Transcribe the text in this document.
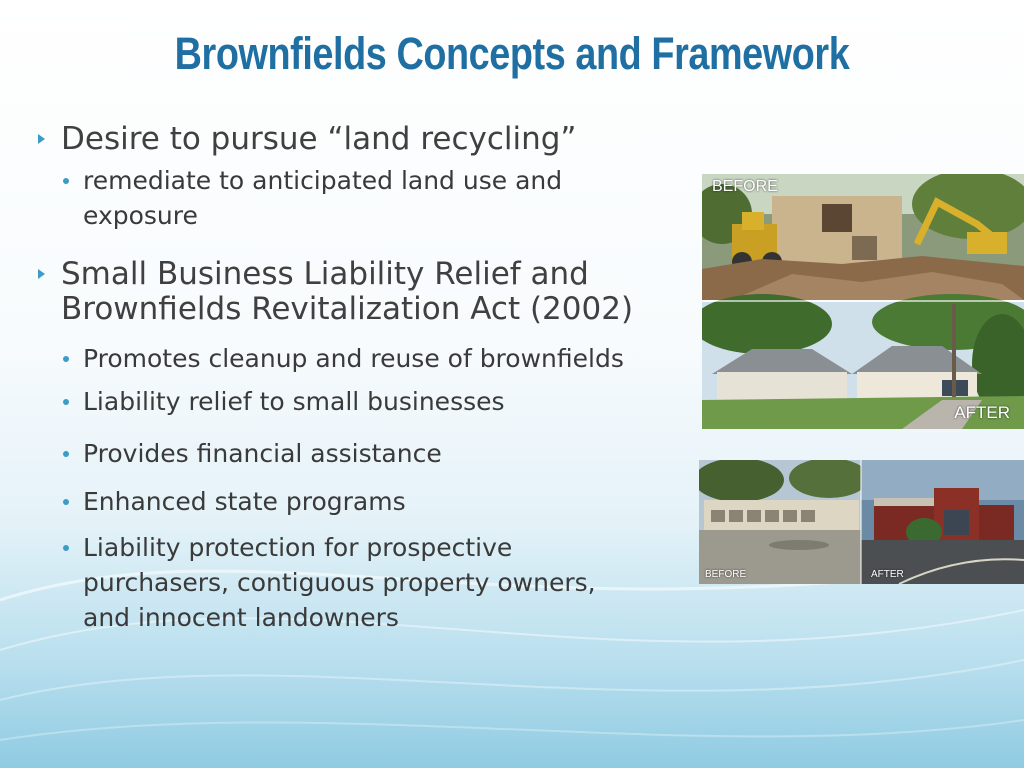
Brownfields Concepts and Framework
Desire to pursue “land recycling”
remediate to anticipated land use and exposure
Small Business Liability Relief and Brownfields Revitalization Act (2002)
Promotes cleanup and reuse of brownfields
Liability relief to small businesses
Provides financial assistance
Enhanced state programs
Liability protection for prospective purchasers, contiguous property owners, and innocent landowners
BEFORE
AFTER
BEFORE	AFTER
